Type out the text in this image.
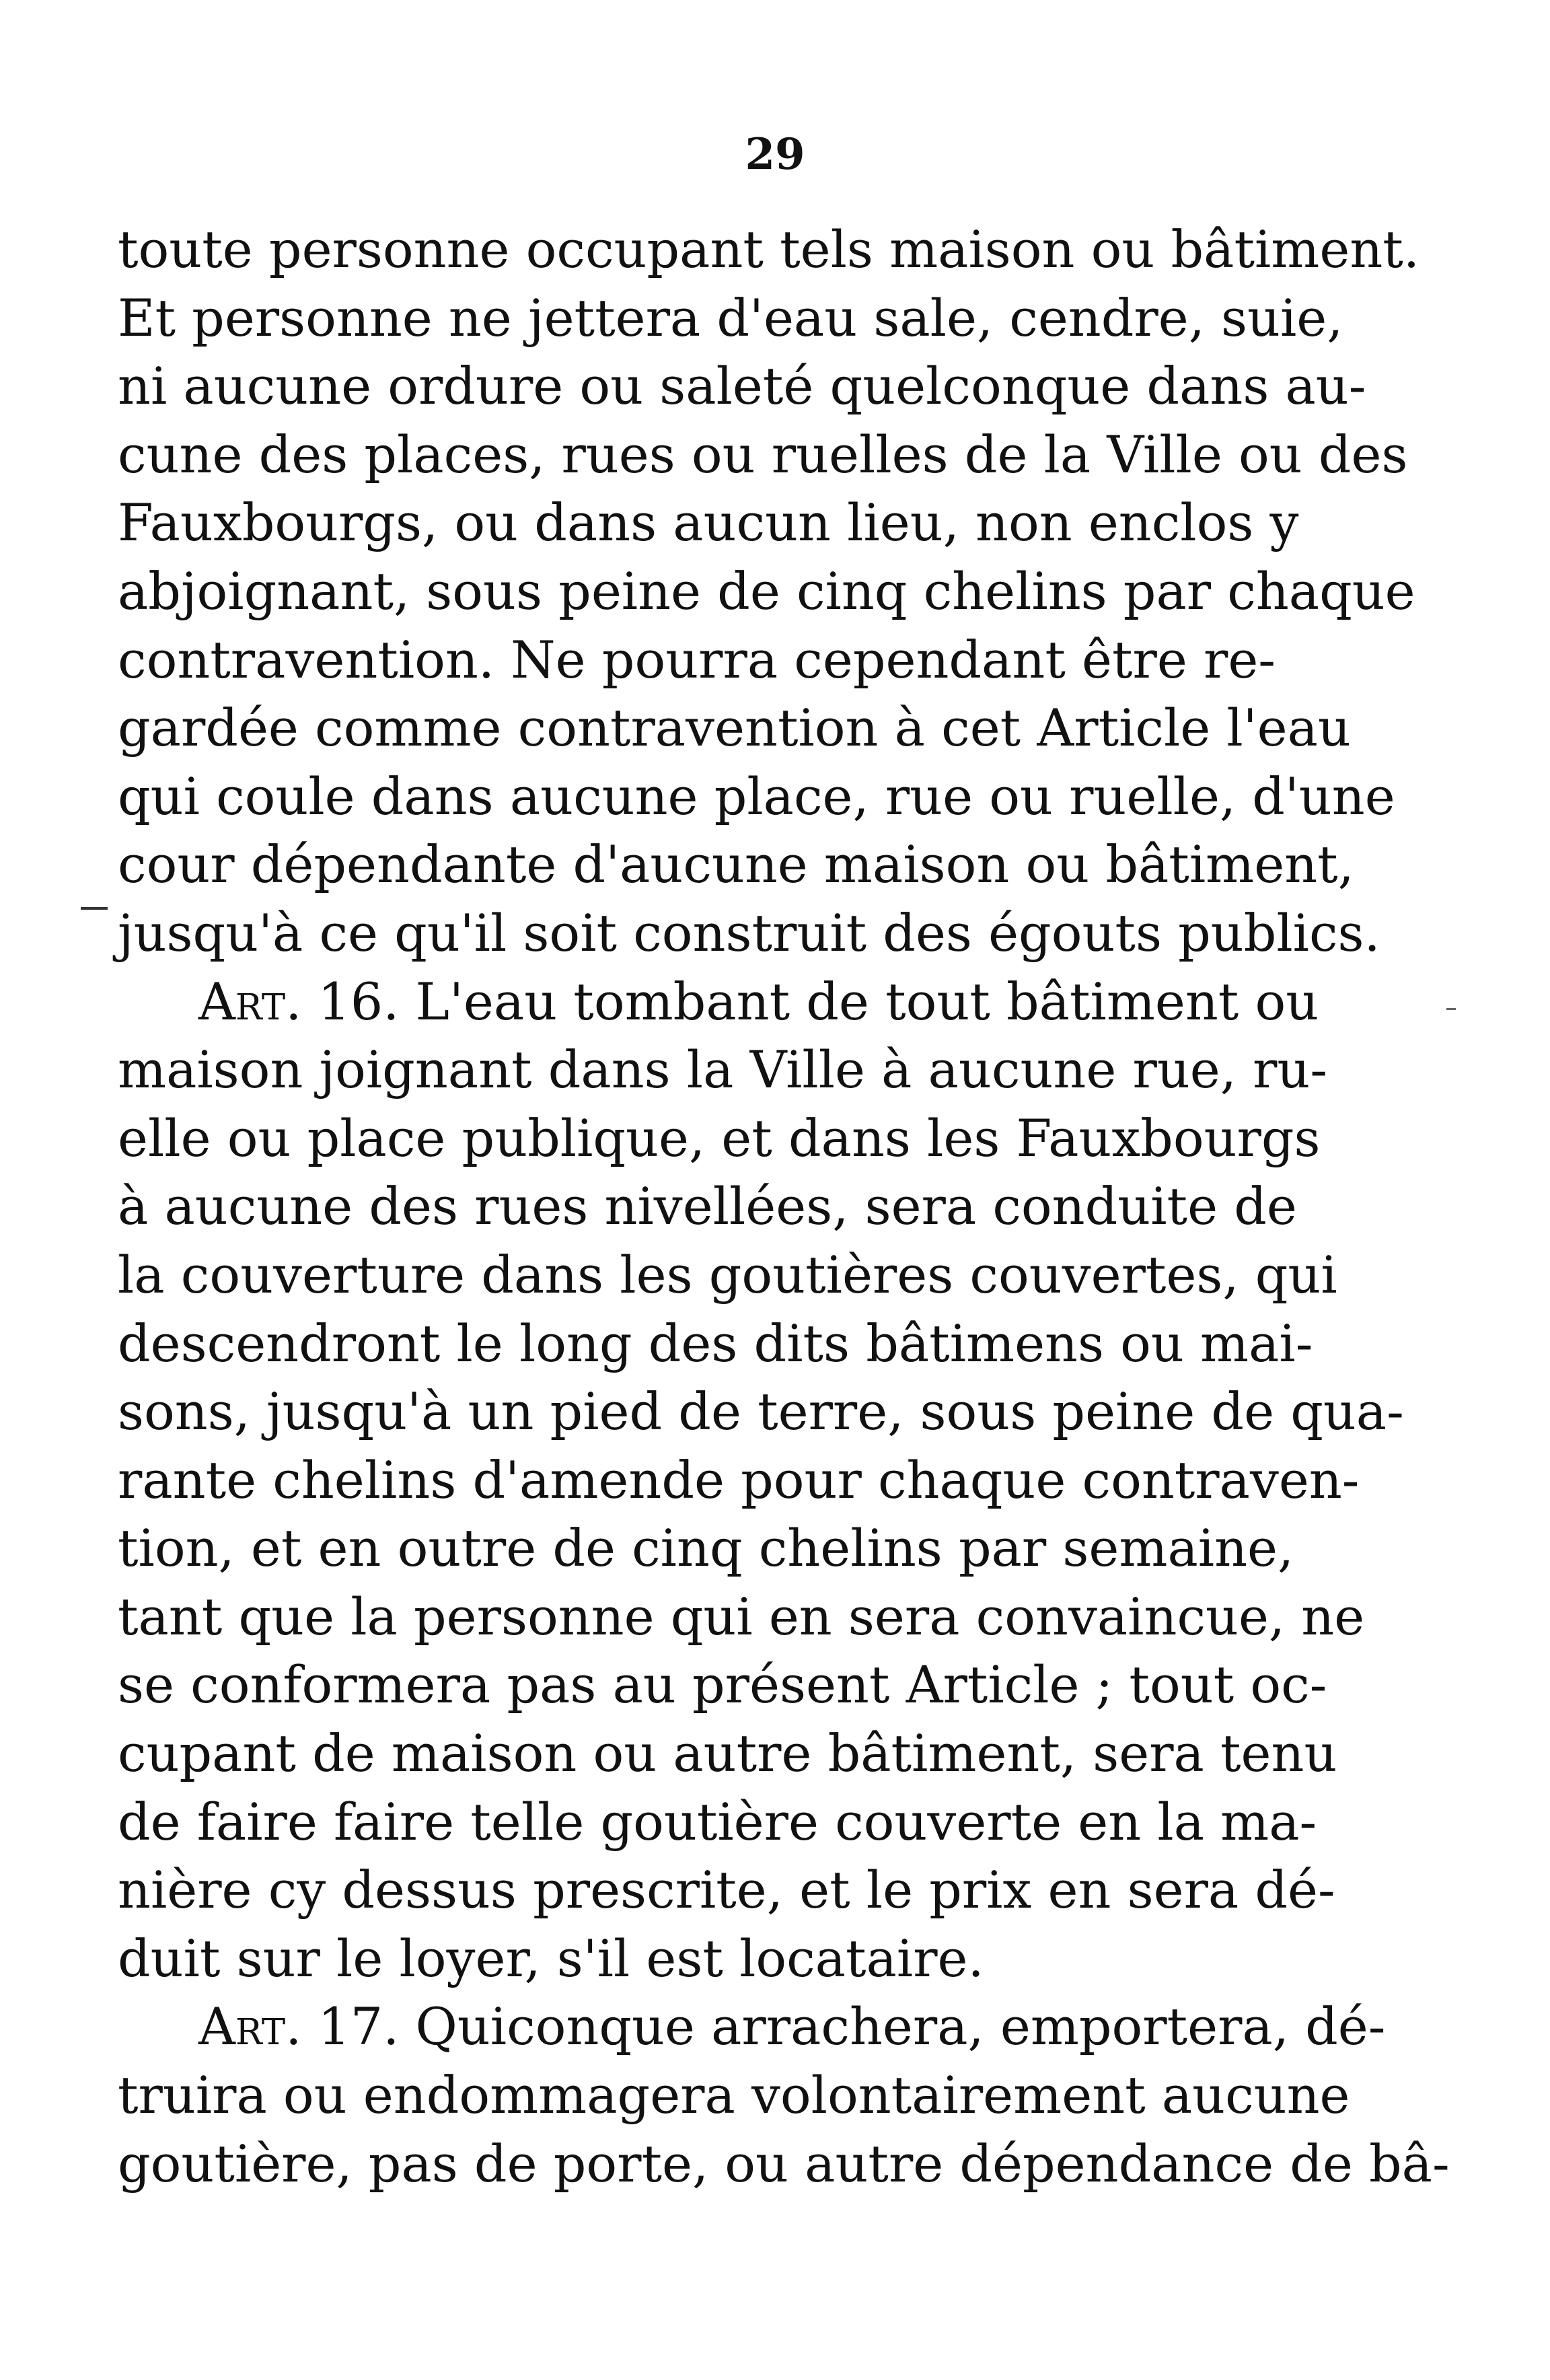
29
toute personne occupant tels maison ou bâtiment.
Et personne ne jettera d'eau sale, cendre, suie,
ni aucune ordure ou saleté quelconque dans au-
cune des places, rues ou ruelles de la Ville ou des
Fauxbourgs, ou dans aucun lieu, non enclos y
abjoignant, sous peine de cinq chelins par chaque
contravention. Ne pourra cependant être re-
gardée comme contravention à cet Article l'eau
qui coule dans aucune place, rue ou ruelle, d'une
cour dépendante d'aucune maison ou bâtiment,
jusqu'à ce qu'il soit construit des égouts publics.
Art. 16. L'eau tombant de tout bâtiment ou
maison joignant dans la Ville à aucune rue, ru-
elle ou place publique, et dans les Fauxbourgs
à aucune des rues nivellées, sera conduite de
la couverture dans les goutières couvertes, qui
descendront le long des dits bâtimens ou mai-
sons, jusqu'à un pied de terre, sous peine de qua-
rante chelins d'amende pour chaque contraven-
tion, et en outre de cinq chelins par semaine,
tant que la personne qui en sera convaincue, ne
se conformera pas au présent Article ; tout oc-
cupant de maison ou autre bâtiment, sera tenu
de faire faire telle goutière couverte en la ma-
nière cy dessus prescrite, et le prix en sera dé-
duit sur le loyer, s'il est locataire.
Art. 17. Quiconque arrachera, emportera, dé-
truira ou endommagera volontairement aucune
goutière, pas de porte, ou autre dépendance de bâ-
